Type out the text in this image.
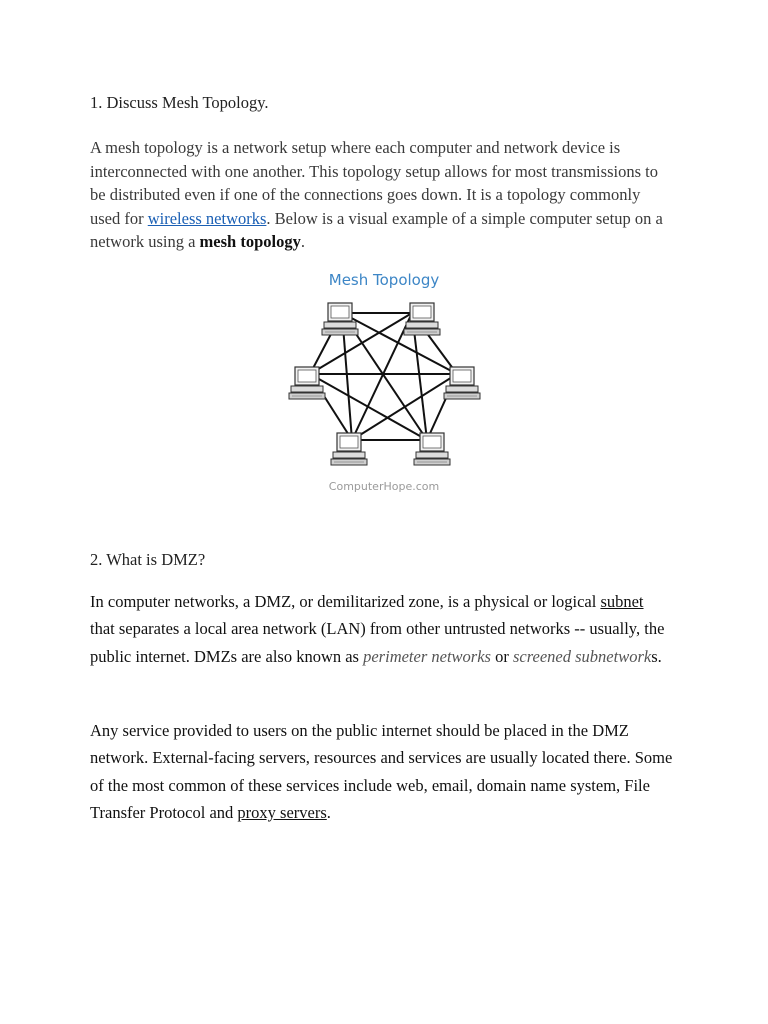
1. Discuss Mesh Topology.

A mesh topology is a network setup where each computer and network device is interconnected with one another. This topology setup allows for most transmissions to be distributed even if one of the connections goes down. It is a topology commonly used for wireless networks. Below is a visual example of a simple computer setup on a network using a mesh topology.

Mesh Topology
ComputerHope.com
2. What is DMZ?

In computer networks, a DMZ, or demilitarized zone, is a physical or logical subnet that separates a local area network (LAN) from other untrusted networks -- usually, the public internet. DMZs are also known as perimeter networks or screened subnetworks.

Any service provided to users on the public internet should be placed in the DMZ network. External-facing servers, resources and services are usually located there. Some of the most common of these services include web, email, domain name system, File Transfer Protocol and proxy servers.
